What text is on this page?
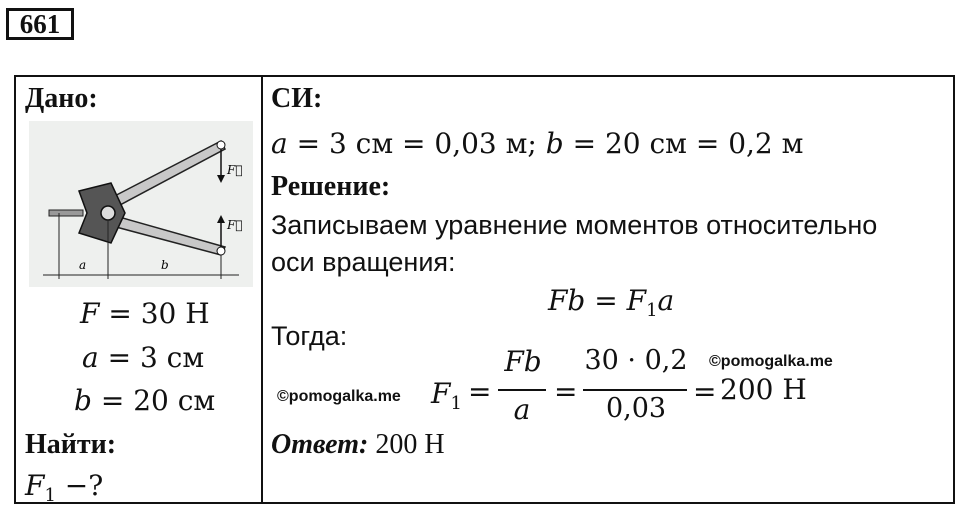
661
Дано:
F⃗
F⃗
a	b
F = 30 Н
a = 3 см
b = 20 см
Найти:
$F_1$ −?
СИ:
a = 3 см = 0,03 м; b = 20 см = 0,2 м
Решение:
Записываем уравнение моментов относительно
оси вращения:
$Fb = F_1a$
Тогда:
©pomogalka.me
©pomogalka.me
$F_1$ =
Fb
a
=
30 · 0,2
0,03
= 200 Н
Ответ: 200 Н
